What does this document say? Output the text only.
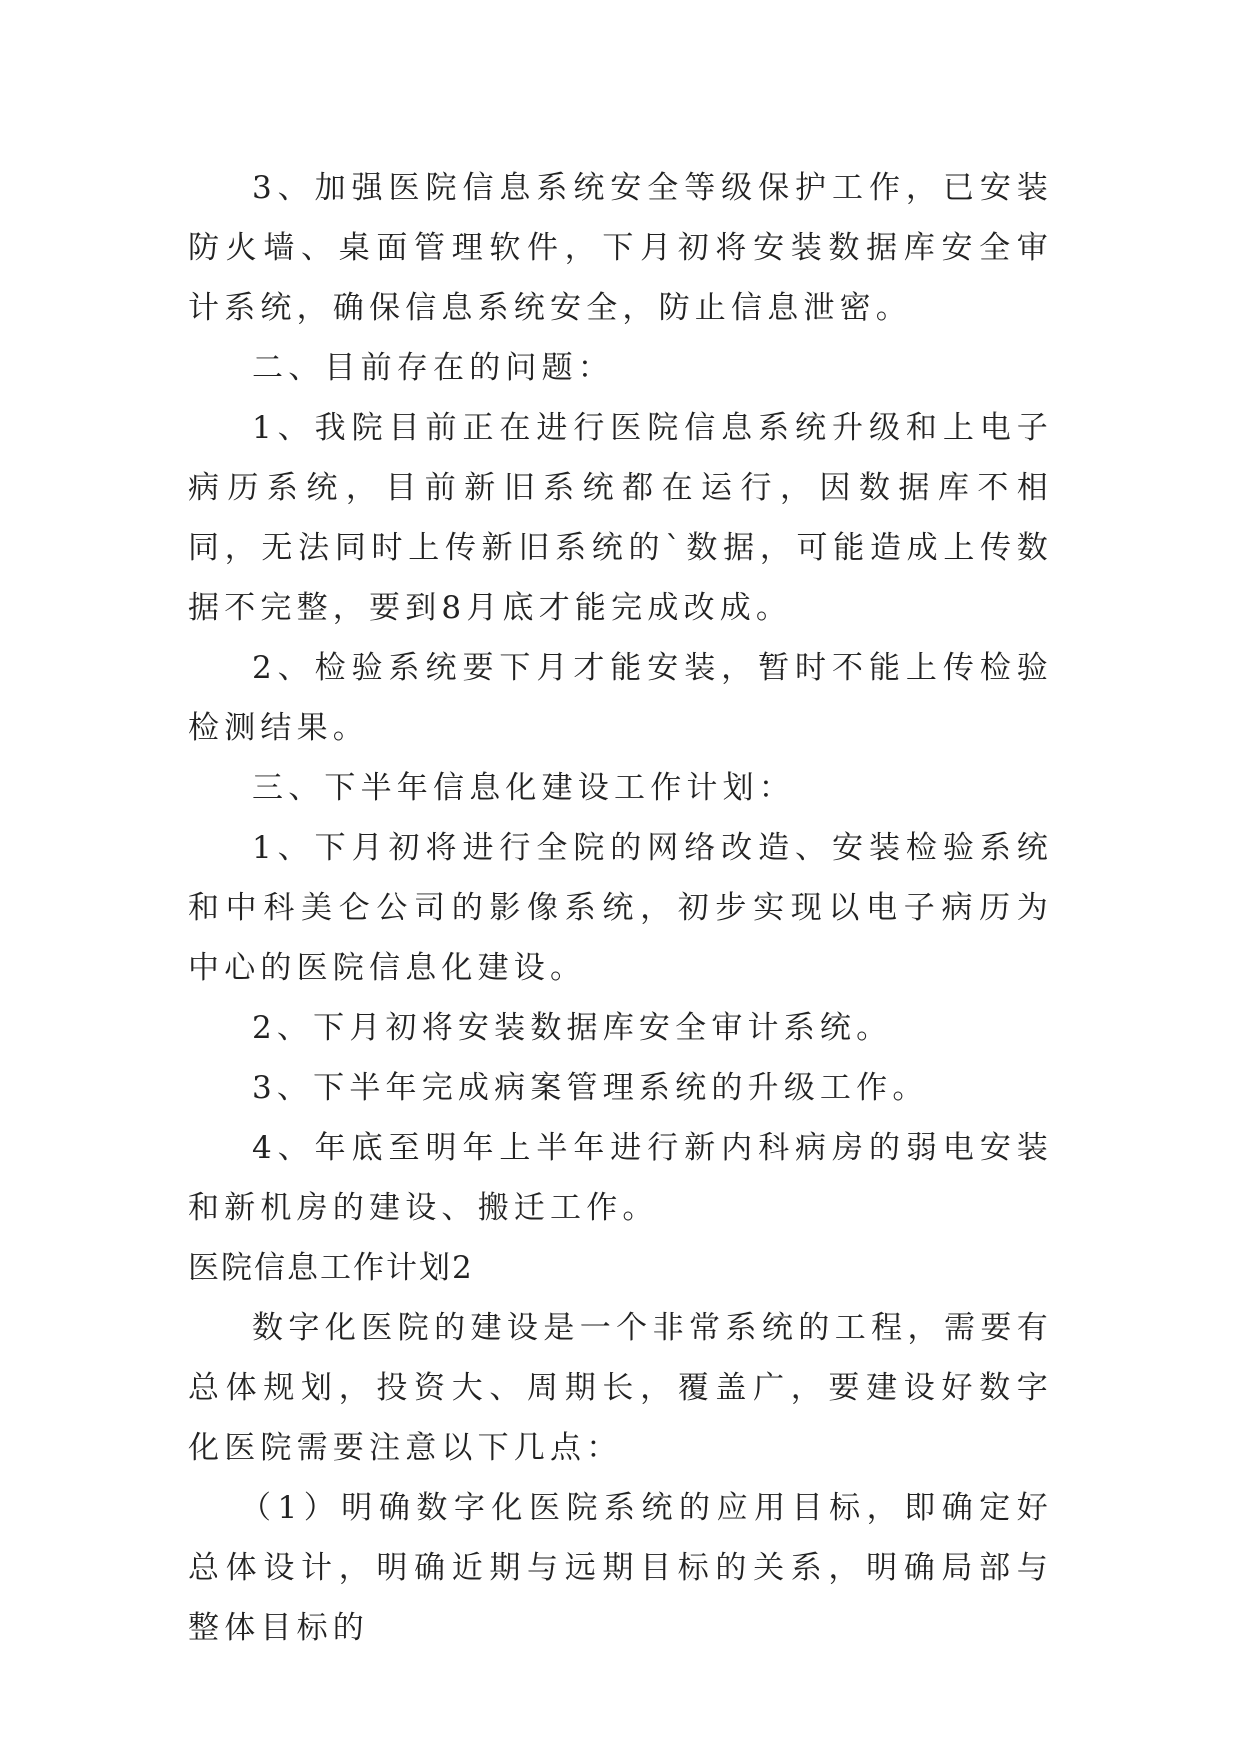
3、加强医院信息系统安全等级保护工作，已安装防火墙、桌面管理软件，下月初将安装数据库安全审计系统，确保信息系统安全，防止信息泄密。

二、目前存在的问题：

1、我院目前正在进行医院信息系统升级和上电子病历系统，目前新旧系统都在运行，因数据库不相同，无法同时上传新旧系统的`数据，可能造成上传数据不完整，要到8月底才能完成改成。

2、检验系统要下月才能安装，暂时不能上传检验检测结果。

三、下半年信息化建设工作计划：

1、下月初将进行全院的网络改造、安装检验系统和中科美仑公司的影像系统，初步实现以电子病历为中心的医院信息化建设。

2、下月初将安装数据库安全审计系统。

3、下半年完成病案管理系统的升级工作。

4、年底至明年上半年进行新内科病房的弱电安装和新机房的建设、搬迁工作。

医院信息工作计划2

数字化医院的建设是一个非常系统的工程，需要有总体规划，投资大、周期长，覆盖广，要建设好数字化医院需要注意以下几点：

（1）明确数字化医院系统的应用目标，即确定好总体设计，明确近期与远期目标的关系，明确局部与整体目标的
